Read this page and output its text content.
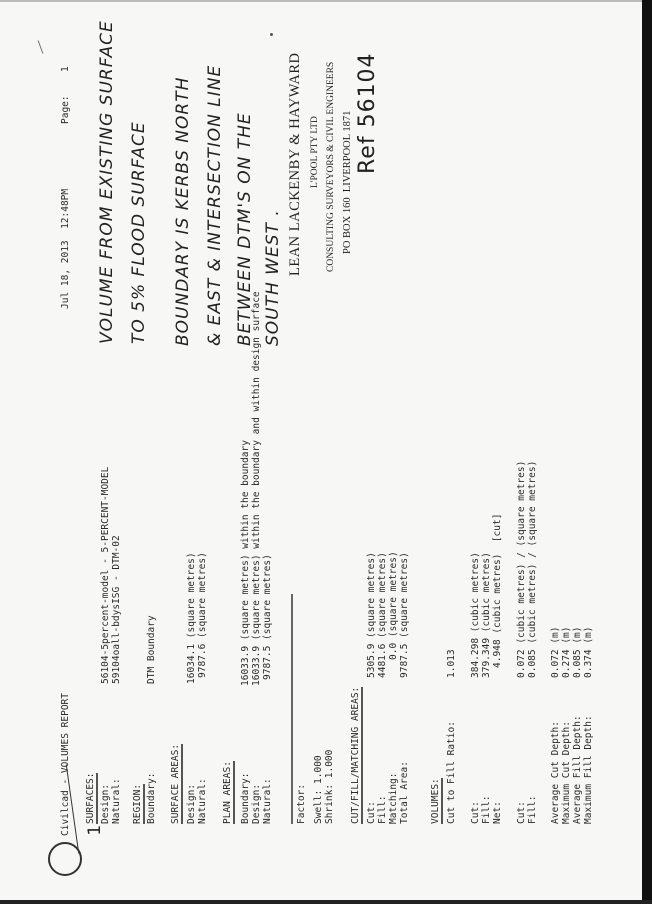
Civilcad - VOLUMES REPORT
Jul 18, 2013  12:48PM
Page:
1

1

SURFACES: Design:
56104-5percent-model - 5-PERCENT-MODEL
Natural:
59104oall-bdysISG - DTM-02
REGION: Boundary:
DTM Boundary
SURFACE AREAS: Design:
16034.1 (square metres)
Natural:
9787.6 (square metres)
PLAN AREAS: Boundary:
16033.9 (square metres) within the boundary
Design:
16033.9 (square metres) within the boundary and within design surface
Natural:
9787.5 (square metres)
Factor: Swell: 1.000 Shrink: 1.000 CUT/FILL/MATCHING AREAS: Cut:
5305.9 (square metres)
Fill:
4481.6 (square metres)
Matching:
0.0 (square metres)
Total Area:
9787.5 (square metres)
VOLUMES: Cut to Fill Ratio:
1.013
Cut:
384.298 (cubic metres)
Fill:
379.349 (cubic metres)
Net:
4.948 (cubic metres)  [cut]
Cut:
0.072 (cubic metres) / (square metres)
Fill:
0.085 (cubic metres) / (square metres)
Average Cut Depth:
0.072 (m)
Maximum Cut Depth:
0.274 (m)
Average Fill Depth:
0.085 (m)
Maximum Fill Depth:
0.374 (m)
VOLUME FROM EXISTING SURFACE TO 5% FLOOD SURFACE BOUNDARY IS KERBS NORTH & EAST & INTERSECTION LINE BETWEEN DTM'S ON THE SOUTH WEST .
LEAN LACKENBY & HAYWARD L'POOL PTY LTD CONSULTING SURVEYORS & CIVIL ENGINEERS PO BOX 160  LIVERPOOL 1871 Ref 56104
